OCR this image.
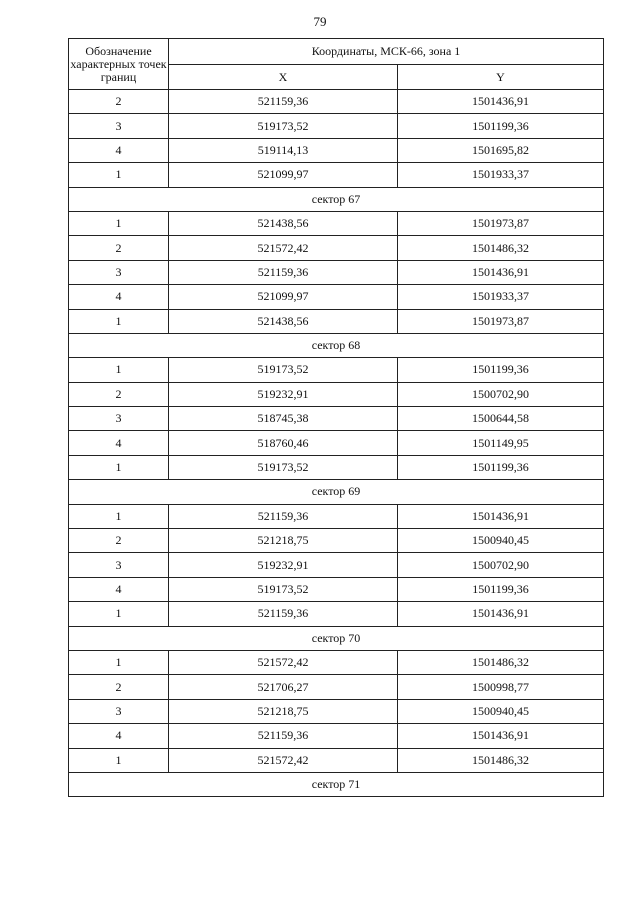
79
Обозначение характерных точек границ	Координаты, МСК-66, зона 1	
	X	Y
2	521159,36	1501436,91
3	519173,52	1501199,36
4	519114,13	1501695,82
1	521099,97	1501933,37
сектор 67		
1	521438,56	1501973,87
2	521572,42	1501486,32
3	521159,36	1501436,91
4	521099,97	1501933,37
1	521438,56	1501973,87
сектор 68		
1	519173,52	1501199,36
2	519232,91	1500702,90
3	518745,38	1500644,58
4	518760,46	1501149,95
1	519173,52	1501199,36
сектор 69		
1	521159,36	1501436,91
2	521218,75	1500940,45
3	519232,91	1500702,90
4	519173,52	1501199,36
1	521159,36	1501436,91
сектор 70		
1	521572,42	1501486,32
2	521706,27	1500998,77
3	521218,75	1500940,45
4	521159,36	1501436,91
1	521572,42	1501486,32
сектор 71		
